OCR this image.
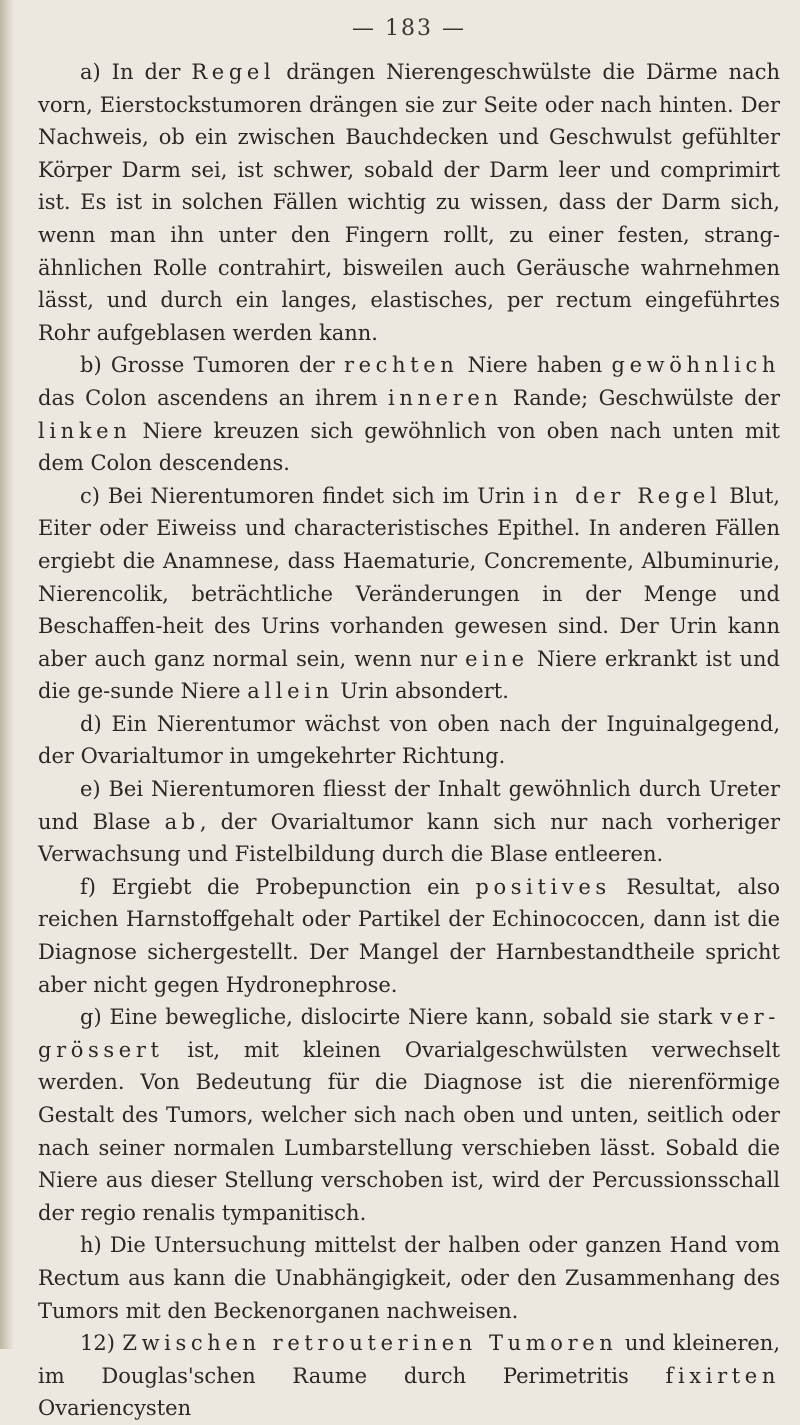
— 183 —

a) In der Regel drängen Nierengeschwülste die Därme nach vorn, Eierstockstumoren drängen sie zur Seite oder nach hinten. Der Nachweis, ob ein zwischen Bauchdecken und Geschwulst gefühlter Körper Darm sei, ist schwer, sobald der Darm leer und comprimirt ist. Es ist in solchen Fällen wichtig zu wissen, dass der Darm sich, wenn man ihn unter den Fingern rollt, zu einer festen, strang-ähnlichen Rolle contrahirt, bisweilen auch Geräusche wahrnehmen lässt, und durch ein langes, elastisches, per rectum eingeführtes Rohr aufgeblasen werden kann.

b) Grosse Tumoren der rechten Niere haben gewöhnlich das Colon ascendens an ihrem inneren Rande; Geschwülste der linken Niere kreuzen sich gewöhnlich von oben nach unten mit dem Colon descendens.

c) Bei Nierentumoren findet sich im Urin in der Regel Blut, Eiter oder Eiweiss und characteristisches Epithel. In anderen Fällen ergiebt die Anamnese, dass Haematurie, Concremente, Albuminurie, Nierencolik, beträchtliche Veränderungen in der Menge und Beschaffen-heit des Urins vorhanden gewesen sind. Der Urin kann aber auch ganz normal sein, wenn nur eine Niere erkrankt ist und die ge-sunde Niere allein Urin absondert.

d) Ein Nierentumor wächst von oben nach der Inguinalgegend, der Ovarialtumor in umgekehrter Richtung.

e) Bei Nierentumoren fliesst der Inhalt gewöhnlich durch Ureter und Blase ab, der Ovarialtumor kann sich nur nach vorheriger Verwachsung und Fistelbildung durch die Blase entleeren.

f) Ergiebt die Probepunction ein positives Resultat, also reichen Harnstoffgehalt oder Partikel der Echinococcen, dann ist die Diagnose sichergestellt. Der Mangel der Harnbestandtheile spricht aber nicht gegen Hydronephrose.

g) Eine bewegliche, dislocirte Niere kann, sobald sie stark ver-grössert ist, mit kleinen Ovarialgeschwülsten verwechselt werden. Von Bedeutung für die Diagnose ist die nierenförmige Gestalt des Tumors, welcher sich nach oben und unten, seitlich oder nach seiner normalen Lumbarstellung verschieben lässt. Sobald die Niere aus dieser Stellung verschoben ist, wird der Percussionsschall der regio renalis tympanitisch.

h) Die Untersuchung mittelst der halben oder ganzen Hand vom Rectum aus kann die Unabhängigkeit, oder den Zusammenhang des Tumors mit den Beckenorganen nachweisen.

12) Zwischen retrouterinen Tumoren und kleineren, im Douglas'schen Raume durch Perimetritis fixirten Ovariencysten
